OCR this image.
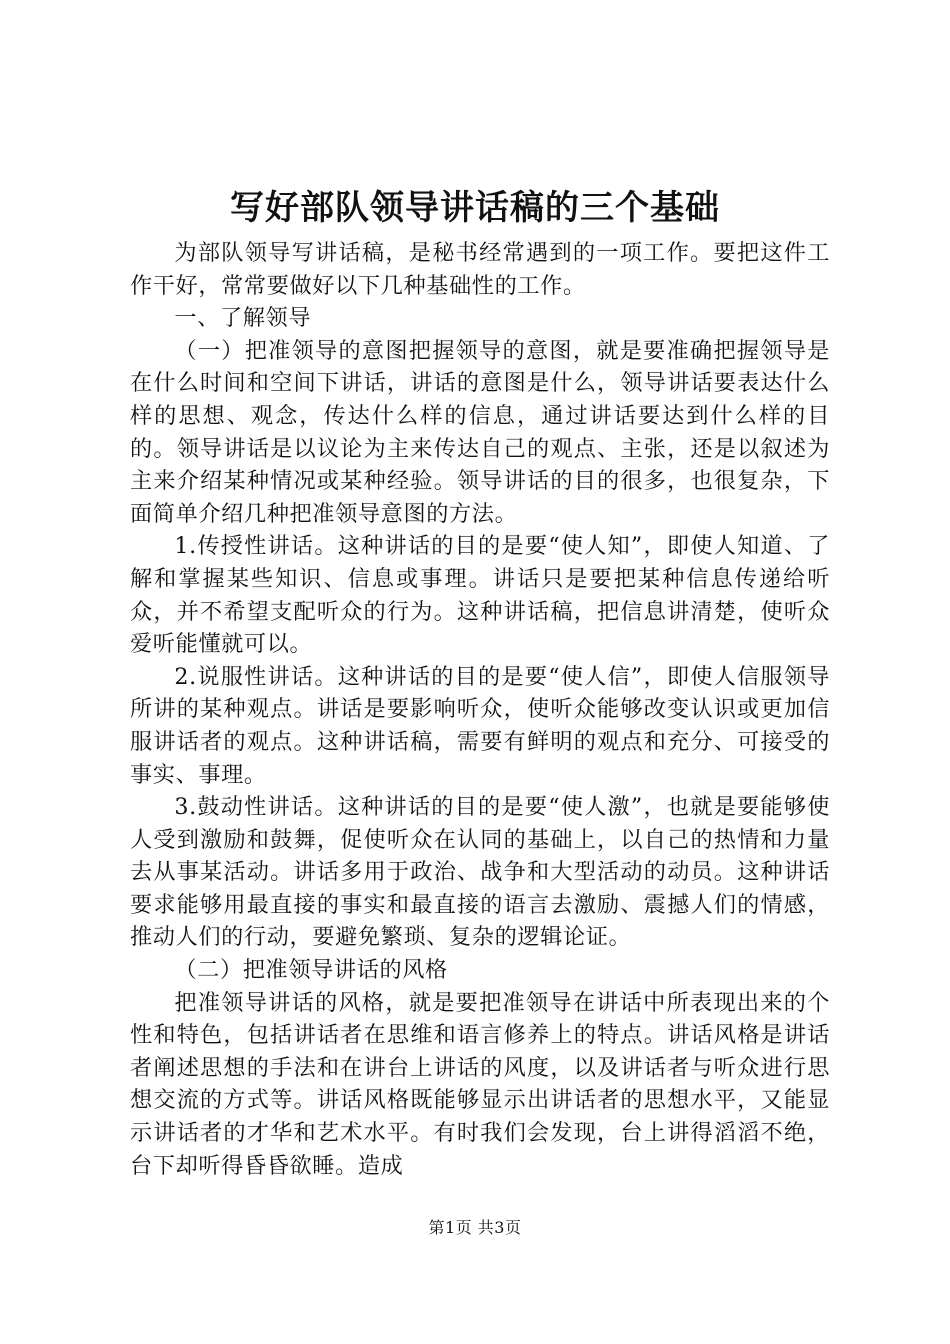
写好部队领导讲话稿的三个基础

为部队领导写讲话稿，是秘书经常遇到的一项工作。要把这件工作干好，常常要做好以下几种基础性的工作。

一、了解领导

（一）把准领导的意图把握领导的意图，就是要准确把握领导是在什么时间和空间下讲话，讲话的意图是什么，领导讲话要表达什么样的思想、观念，传达什么样的信息，通过讲话要达到什么样的目的。领导讲话是以议论为主来传达自己的观点、主张，还是以叙述为主来介绍某种情况或某种经验。领导讲话的目的很多，也很复杂，下面简单介绍几种把准领导意图的方法。

1.传授性讲话。这种讲话的目的是要“使人知”，即使人知道、了解和掌握某些知识、信息或事理。讲话只是要把某种信息传递给听众，并不希望支配听众的行为。这种讲话稿，把信息讲清楚，使听众爱听能懂就可以。

2.说服性讲话。这种讲话的目的是要“使人信”，即使人信服领导所讲的某种观点。讲话是要影响听众，使听众能够改变认识或更加信服讲话者的观点。这种讲话稿，需要有鲜明的观点和充分、可接受的事实、事理。

3.鼓动性讲话。这种讲话的目的是要“使人激”，也就是要能够使人受到激励和鼓舞，促使听众在认同的基础上，以自己的热情和力量去从事某活动。讲话多用于政治、战争和大型活动的动员。这种讲话要求能够用最直接的事实和最直接的语言去激励、震撼人们的情感，推动人们的行动，要避免繁琐、复杂的逻辑论证。

（二）把准领导讲话的风格

把准领导讲话的风格，就是要把准领导在讲话中所表现出来的个性和特色，包括讲话者在思维和语言修养上的特点。讲话风格是讲话者阐述思想的手法和在讲台上讲话的风度，以及讲话者与听众进行思想交流的方式等。讲话风格既能够显示出讲话者的思想水平，又能显示讲话者的才华和艺术水平。有时我们会发现，台上讲得滔滔不绝，台下却听得昏昏欲睡。造成

第1页 共3页
